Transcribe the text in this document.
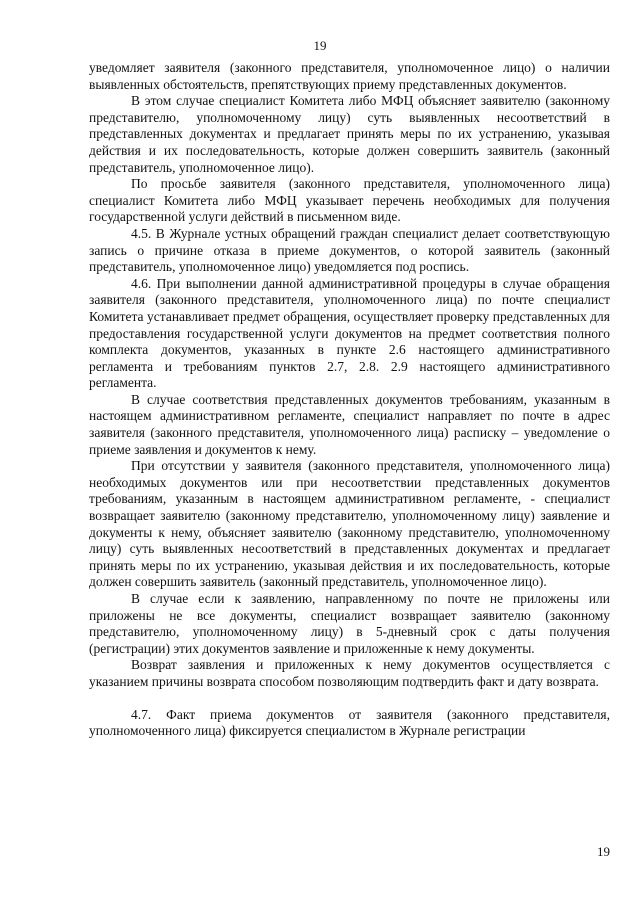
19

уведомляет заявителя (законного представителя, уполномоченное лицо) о наличии выявленных обстоятельств, препятствующих приему представленных документов.

В этом случае специалист Комитета либо МФЦ объясняет заявителю (законному представителю, уполномоченному лицу) суть выявленных несоответствий в представленных документах и предлагает принять меры по их устранению, указывая действия и их последовательность, которые должен совершить заявитель (законный представитель, уполномоченное лицо).

По просьбе заявителя (законного представителя, уполномоченного лица) специалист Комитета либо МФЦ указывает перечень необходимых для получения государственной услуги действий в письменном виде.

4.5. В Журнале устных обращений граждан специалист делает соответствующую запись о причине отказа в приеме документов, о которой заявитель (законный представитель, уполномоченное лицо) уведомляется под роспись.

4.6. При выполнении данной административной процедуры в случае обращения заявителя (законного представителя, уполномоченного лица) по почте специалист Комитета устанавливает предмет обращения, осуществляет проверку представленных для предоставления государственной услуги документов на предмет соответствия полного комплекта документов, указанных в пункте 2.6 настоящего административного регламента и требованиям пунктов 2.7, 2.8. 2.9 настоящего административного регламента.

В случае соответствия представленных документов требованиям, указанным в настоящем административном регламенте, специалист направляет по почте в адрес заявителя (законного представителя, уполномоченного лица) расписку – уведомление о приеме заявления и документов к нему.

При отсутствии у заявителя (законного представителя, уполномоченного лица) необходимых документов или при несоответствии представленных документов требованиям, указанным в настоящем административном регламенте, - специалист возвращает заявителю (законному представителю, уполномоченному лицу) заявление и документы к нему, объясняет заявителю (законному представителю, уполномоченному лицу) суть выявленных несоответствий в представленных документах и предлагает принять меры по их устранению, указывая действия и их последовательность, которые должен совершить заявитель (законный представитель, уполномоченное лицо).

В случае если к заявлению, направленному по почте не приложены или приложены не все документы, специалист возвращает заявителю (законному представителю, уполномоченному лицу) в 5-дневный срок с даты получения (регистрации) этих документов заявление и приложенные к нему документы.

Возврат заявления и приложенных к нему документов осуществляется с указанием причины возврата способом позволяющим подтвердить факт и дату возврата.

4.7. Факт приема документов от заявителя (законного представителя, уполномоченного лица) фиксируется специалистом в Журнале регистрации

19
